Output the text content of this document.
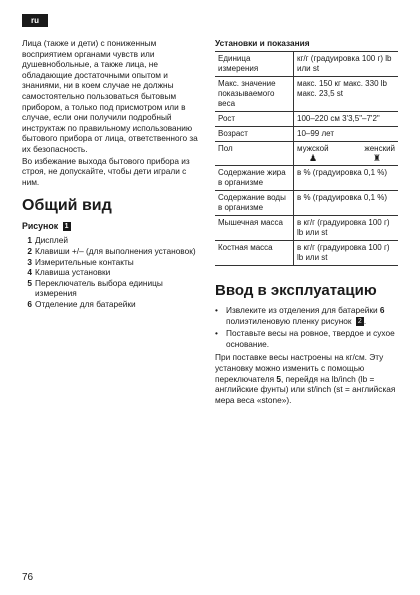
ru

Лица (также и дети) с пониженным восприятием органами чувств или душевнобольные, а также лица, не обладающие достаточными опытом и знаниями, ни в коем случае не должны самостоятельно пользоваться бытовым прибором, а только под присмотром или в случае, если они получили подробный инструктаж по правильному использованию бытового прибора от лица, ответственного за их безопасность.

Во избежание выхода бытового прибора из строя, не допускайте, чтобы дети играли с ним.

Общий вид
Рисунок 1
1 Дисплей
2 Клавиши +/– (для выполнения установок)
3 Измерительные контакты
4 Клавиша установки
5 Переключатель выбора единицы измерения
6 Отделение для батарейки
Установки и показания
Единица измерения	кг/г (градуировка 100 г) lb или st
Макс. значение показываемого веса	макс. 150 кг макс. 330 lb макс. 23,5 st
Рост	100–220 см 3'3,5"–7'2"
Возраст	10–99 лет
Пол	мужской женский
♟ ♜

Содержание жира в организме	в % (градуировка 0,1 %)
Содержание воды в организме	в % (градуировка 0,1 %)
Мышечная масса	в кг/г (градуировка 100 г) lb или st
Костная масса	в кг/г (градуировка 100 г) lb или st
Ввод в эксплуатацию
• Извлеките из отделения для батарейки 6 полиэтиленовую пленку рисунок 2 .
• Поставьте весы на ровное, твердое и сухое основание.

При поставке весы настроены на кг/см. Эту установку можно изменить с помощью переключателя 5, перейдя на lb/inch (lb = английские фунты) или st/inch (st = английская мера веса «stone»).

76
